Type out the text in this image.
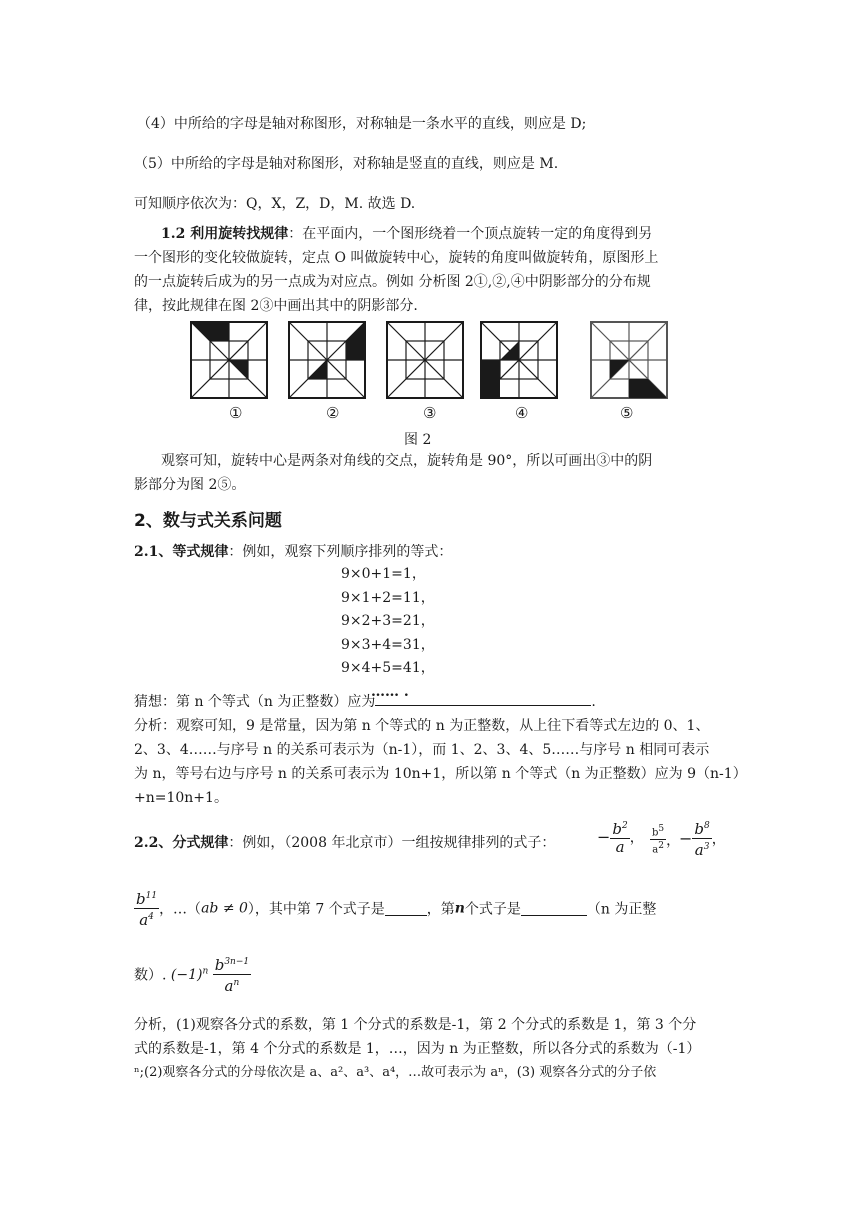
（4）中所给的字母是轴对称图形，对称轴是一条水平的直线，则应是 D;
（5）中所给的字母是轴对称图形，对称轴是竖直的直线，则应是 M.
可知顺序依次为：Q，X，Z，D，M. 故选 D.
1.2 利用旋转找规律：在平面内，一个图形绕着一个顶点旋转一定的角度得到另
一个图形的变化较做旋转，定点 O 叫做旋转中心，旋转的角度叫做旋转角，原图形上
的一点旋转后成为的另一点成为对应点。例如 分析图 2①,②,④中阴影部分的分布规
律，按此规律在图 2③中画出其中的阴影部分.
①	②	③	④	⑤
图 2
观察可知，旋转中心是两条对角线的交点，旋转角是 90°，所以可画出③中的阴
影部分为图 2⑤。
2、数与式关系问题
2.1、等式规律：例如，观察下列顺序排列的等式：
9×0+1=1，
9×1+2=11，
9×2+3=21，
9×3+4=31，
9×4+5=41，
…… .
猜想：第 n 个等式（n 为正整数）应为	.
分析：观察可知，9 是常量，因为第 n 个等式的 n 为正整数，从上往下看等式左边的 0、1、
2、3、4……与序号 n 的关系可表示为（n-1），而 1、2、3、4、5……与序号 n 相同可表示
为 n，等号右边与序号 n 的关系可表示为 10n+1，所以第 n 个等式（n 为正整数）应为 9（n-1）
+n=10n+1。
2.2、分式规律：例如，（2008 年北京市）一组按规律排列的式子：	− $\frac{b^2}{a}$ ， $\frac{b^5}{a^2}$ ，
− $\frac{b^8}{a^3}$ ，
$\frac{b^{11}}{a^4}$ ，…（ab ≠ 0），其中第 7 个式子是	，第n个式子是	（n 为正整
数）. $(-1)^n \frac{b^{3n-1}}{a^n}$
分析，(1)观察各分式的系数，第 1 个分式的系数是-1，第 2 个分式的系数是 1，第 3 个分
式的系数是-1，第 4 个分式的系数是 1，…，因为 n 为正整数，所以各分式的系数为（-1）
ⁿ;(2)观察各分式的分母依次是 a、a²、a³、a⁴，…故可表示为 aⁿ，(3) 观察各分式的分子依
